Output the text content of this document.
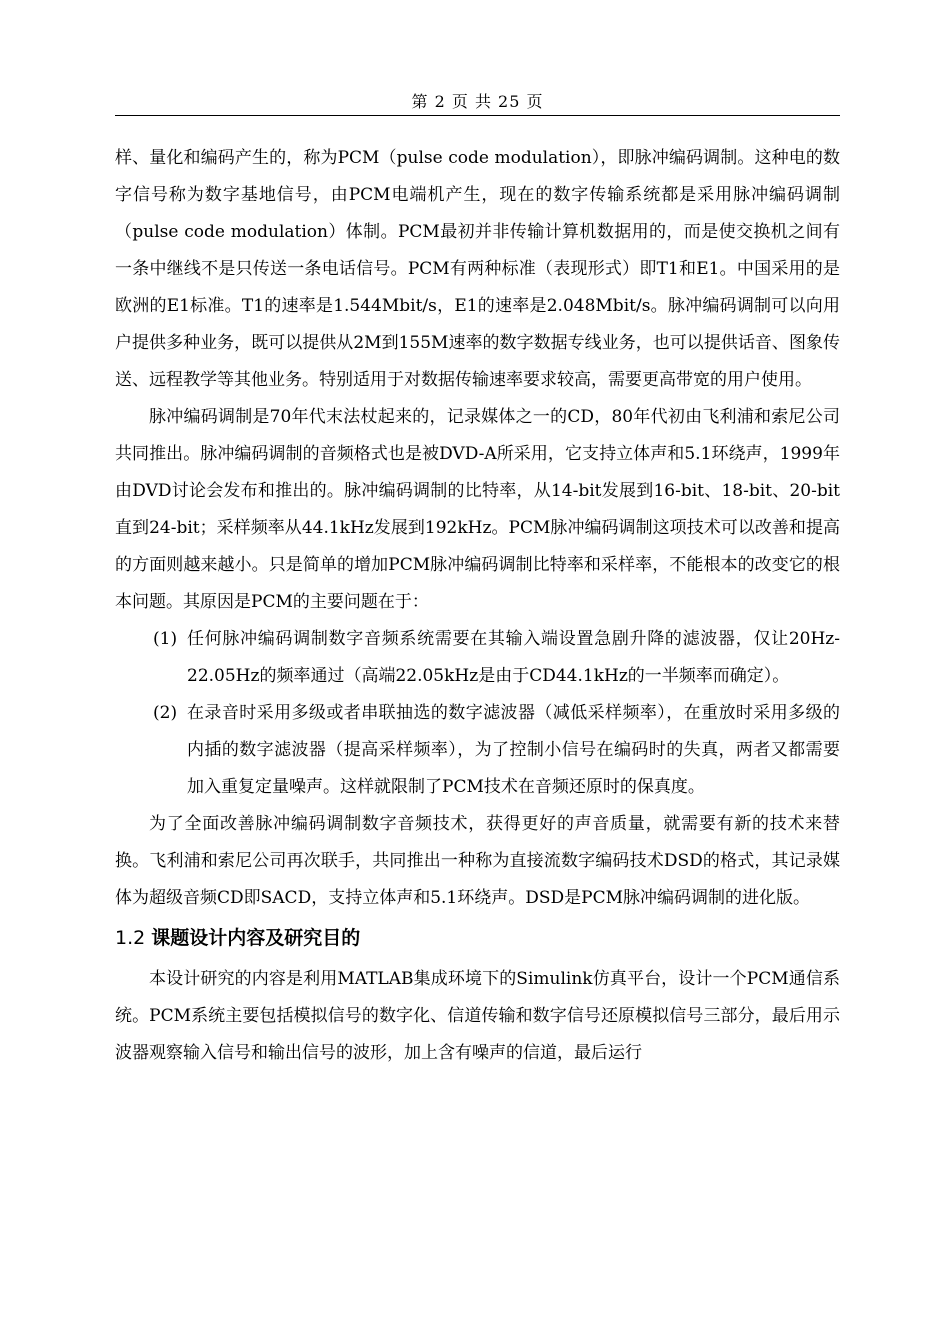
第 2 页 共 25 页

样、量化和编码产生的，称为PCM（pulse code modulation），即脉冲编码调制。这种电的数字信号称为数字基地信号，由PCM电端机产生，现在的数字传输系统都是采用脉冲编码调制（pulse code modulation）体制。PCM最初并非传输计算机数据用的，而是使交换机之间有一条中继线不是只传送一条电话信号。PCM有两种标准（表现形式）即T1和E1。中国采用的是欧洲的E1标准。T1的速率是1.544Mbit/s，E1的速率是2.048Mbit/s。脉冲编码调制可以向用户提供多种业务，既可以提供从2M到155M速率的数字数据专线业务，也可以提供话音、图象传送、远程教学等其他业务。特别适用于对数据传输速率要求较高，需要更高带宽的用户使用。

脉冲编码调制是70年代末法杖起来的，记录媒体之一的CD，80年代初由飞利浦和索尼公司共同推出。脉冲编码调制的音频格式也是被DVD-A所采用，它支持立体声和5.1环绕声，1999年由DVD讨论会发布和推出的。脉冲编码调制的比特率，从14-bit发展到16-bit、18-bit、20-bit直到24-bit；采样频率从44.1kHz发展到192kHz。PCM脉冲编码调制这项技术可以改善和提高的方面则越来越小。只是简单的增加PCM脉冲编码调制比特率和采样率，不能根本的改变它的根本问题。其原因是PCM的主要问题在于：

(1) 任何脉冲编码调制数字音频系统需要在其输入端设置急剧升降的滤波器，仅让20Hz-22.05Hz的频率通过（高端22.05kHz是由于CD44.1kHz的一半频率而确定）。
(2) 在录音时采用多级或者串联抽选的数字滤波器（减低采样频率），在重放时采用多级的内插的数字滤波器（提高采样频率），为了控制小信号在编码时的失真，两者又都需要加入重复定量噪声。这样就限制了PCM技术在音频还原时的保真度。

为了全面改善脉冲编码调制数字音频技术，获得更好的声音质量，就需要有新的技术来替换。飞利浦和索尼公司再次联手，共同推出一种称为直接流数字编码技术DSD的格式，其记录媒体为超级音频CD即SACD，支持立体声和5.1环绕声。DSD是PCM脉冲编码调制的进化版。

1.2 课题设计内容及研究目的

本设计研究的内容是利用MATLAB集成环境下的Simulink仿真平台，设计一个PCM通信系统。PCM系统主要包括模拟信号的数字化、信道传输和数字信号还原模拟信号三部分，最后用示波器观察输入信号和输出信号的波形，加上含有噪声的信道，最后运行
